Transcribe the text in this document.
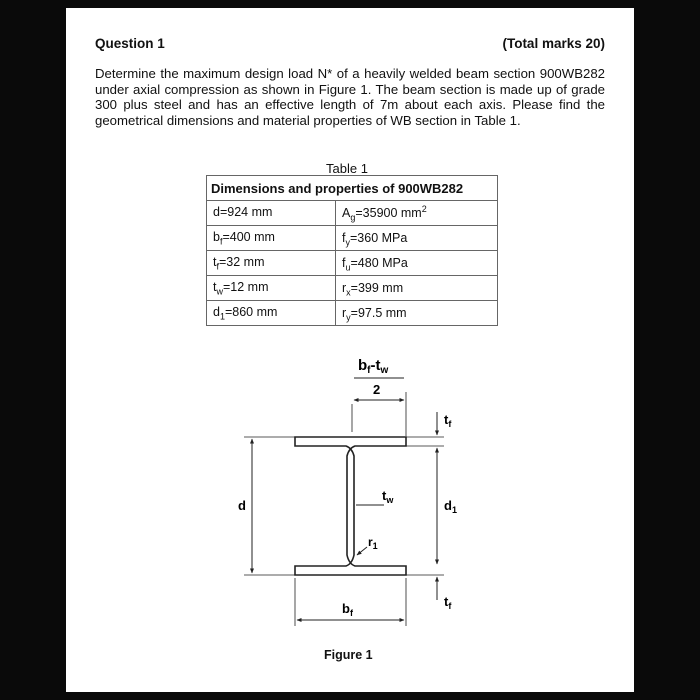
Question 1	(Total marks 20)

Determine the maximum design load N* of a heavily welded beam section 900WB282 under axial compression as shown in Figure 1. The beam section is made up of grade 300 plus steel and has an effective length of 7m about each axis. Please find the geometrical dimensions and material properties of WB section in Table 1.

Table 1
Dimensions and properties of 900WB282	
d=924 mm	$A_g=35900$ $mm^2$
$b_f=400$ mm	$f_y=360$ MPa
$t_f=32$ mm	$f_u=480$ MPa
$t_w=12$ mm	$r_x=399$ mm
$d_1=860$ mm	$r_y=97.5$ mm
$b_f-t_w$
2
d
$t_f$
$d_1$
$t_f$
$t_w$
$r_1$
$b_f$
Figure 1
